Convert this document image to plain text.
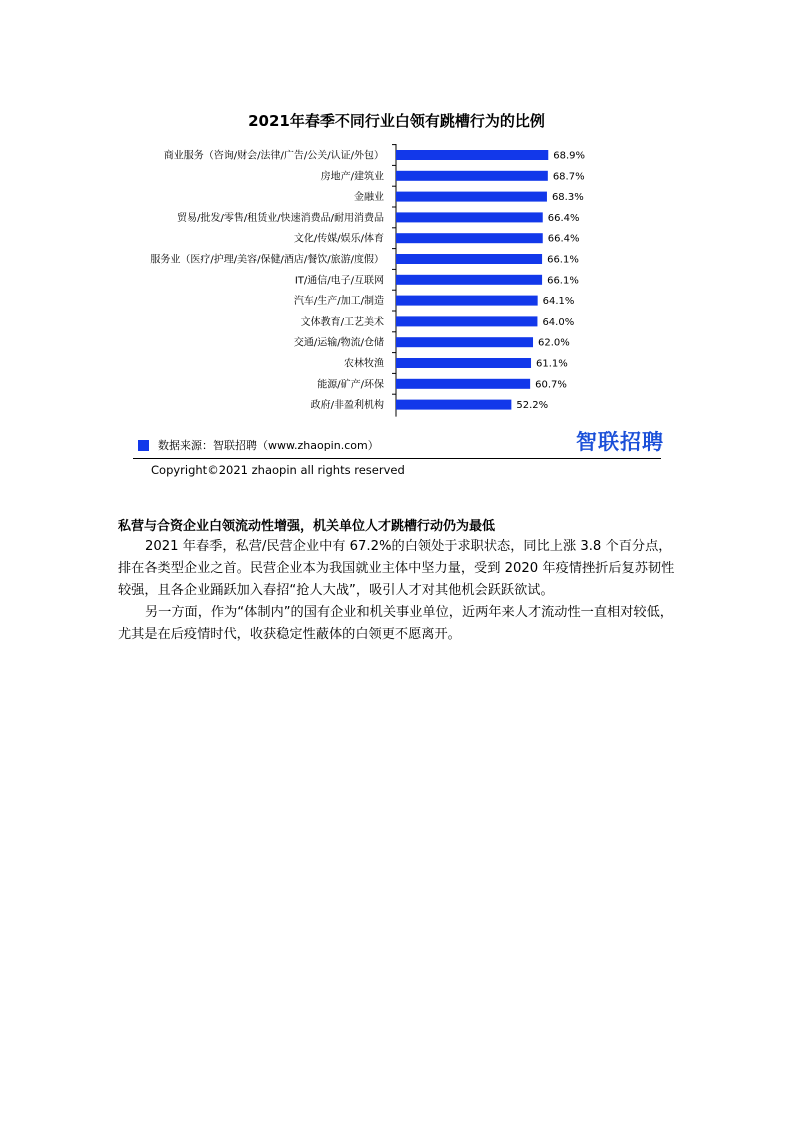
2021年春季不同行业白领有跳槽行为的比例
商业服务（咨询/财会/法律/广告/公关/认证/外包）	68.9%
房地产/建筑业	68.7%
金融业	68.3%
贸易/批发/零售/租赁业/快速消费品/耐用消费品	66.4%
文化/传媒/娱乐/体育	66.4%
服务业（医疗/护理/美容/保健/酒店/餐饮/旅游/度假）	66.1%
IT/通信/电子/互联网	66.1%
汽车/生产/加工/制造	64.1%
文体教育/工艺美术	64.0%
交通/运输/物流/仓储	62.0%
农林牧渔	61.1%
能源/矿产/环保	60.7%
政府/非盈利机构	52.2%
数据来源：智联招聘（www.zhaopin.com）	智联招聘
Copyright©2021 zhaopin all rights reserved
私营与合资企业白领流动性增强，机关单位人才跳槽行动仍为最低

2021 年春季，私营/民营企业中有 67.2%的白领处于求职状态，同比上涨 3.8 个百分点，排在各类型企业之首。民营企业本为我国就业主体中坚力量，受到 2020 年疫情挫折后复苏韧性较强，且各企业踊跃加入春招“抢人大战”，吸引人才对其他机会跃跃欲试。

另一方面，作为“体制内”的国有企业和机关事业单位，近两年来人才流动性一直相对较低，尤其是在后疫情时代，收获稳定性蔽体的白领更不愿离开。
